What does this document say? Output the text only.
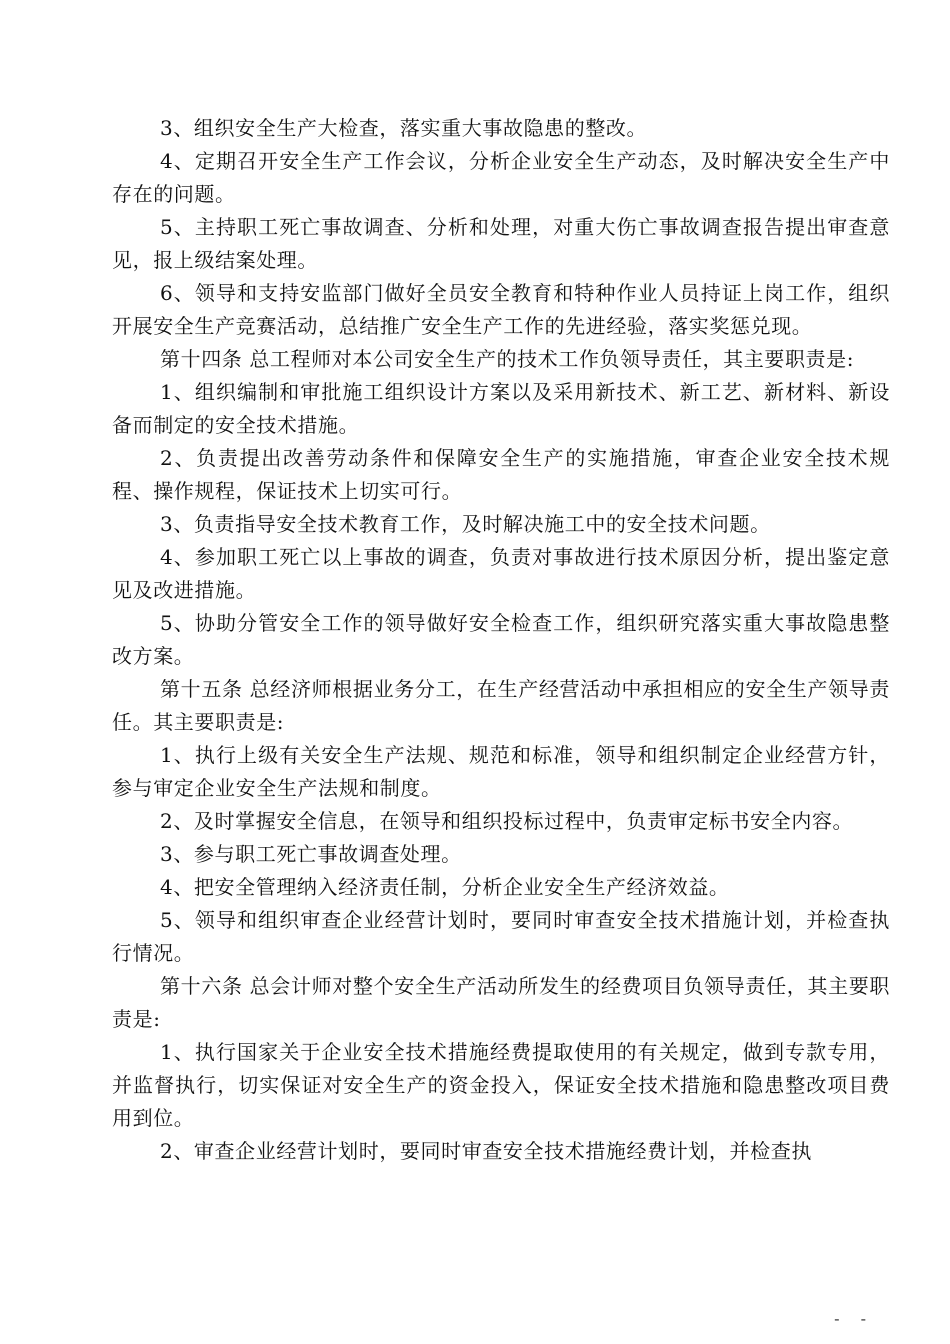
3、组织安全生产大检查，落实重大事故隐患的整改。

4、定期召开安全生产工作会议，分析企业安全生产动态，及时解决安全生产中存在的问题。

5、主持职工死亡事故调查、分析和处理，对重大伤亡事故调查报告提出审查意见，报上级结案处理。

6、领导和支持安监部门做好全员安全教育和特种作业人员持证上岗工作，组织开展安全生产竞赛活动，总结推广安全生产工作的先进经验，落实奖惩兑现。

第十四条 总工程师对本公司安全生产的技术工作负领导责任，其主要职责是:

1、组织编制和审批施工组织设计方案以及采用新技术、新工艺、新材料、新设备而制定的安全技术措施。

2、负责提出改善劳动条件和保障安全生产的实施措施，审查企业安全技术规程、操作规程，保证技术上切实可行。

3、负责指导安全技术教育工作，及时解决施工中的安全技术问题。

4、参加职工死亡以上事故的调查，负责对事故进行技术原因分析，提出鉴定意见及改进措施。

5、协助分管安全工作的领导做好安全检查工作，组织研究落实重大事故隐患整改方案。

第十五条 总经济师根据业务分工，在生产经营活动中承担相应的安全生产领导责任。其主要职责是:

1、执行上级有关安全生产法规、规范和标准，领导和组织制定企业经营方针，参与审定企业安全生产法规和制度。

2、及时掌握安全信息，在领导和组织投标过程中，负责审定标书安全内容。

3、参与职工死亡事故调查处理。

4、把安全管理纳入经济责任制，分析企业安全生产经济效益。

5、领导和组织审查企业经营计划时，要同时审查安全技术措施计划，并检查执行情况。

第十六条 总会计师对整个安全生产活动所发生的经费项目负领导责任，其主要职责是:

1、执行国家关于企业安全技术措施经费提取使用的有关规定，做到专款专用，并监督执行，切实保证对安全生产的资金投入，保证安全技术措施和隐患整改项目费用到位。

2、审查企业经营计划时，要同时审查安全技术措施经费计划，并检查执

- -
